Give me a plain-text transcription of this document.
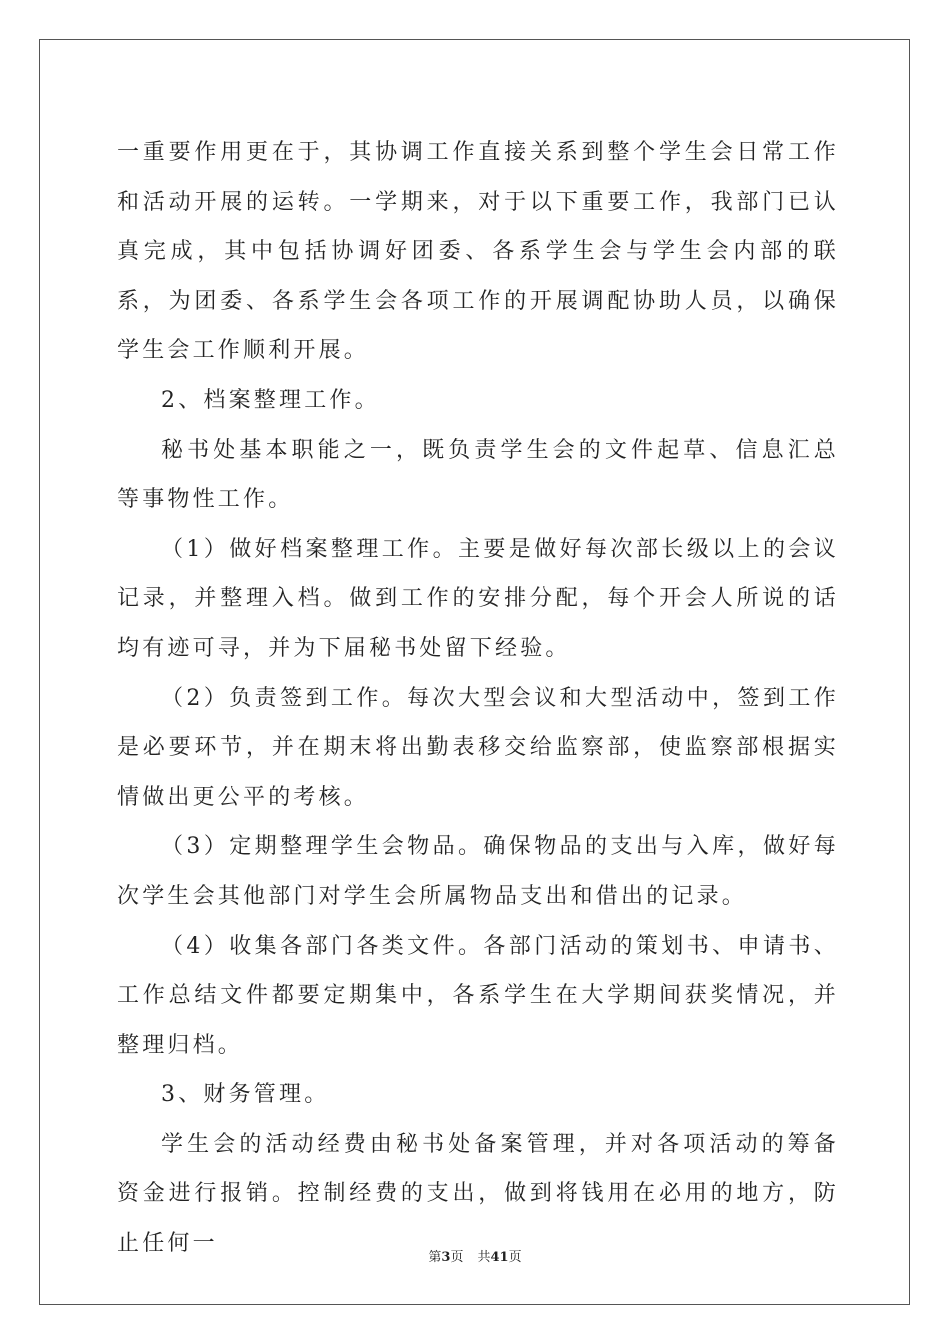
一重要作用更在于，其协调工作直接关系到整个学生会日常工作和活动开展的运转。一学期来，对于以下重要工作，我部门已认真完成，其中包括协调好团委、各系学生会与学生会内部的联系，为团委、各系学生会各项工作的开展调配协助人员，以确保学生会工作顺利开展。

2、档案整理工作。

秘书处基本职能之一，既负责学生会的文件起草、信息汇总等事物性工作。

（1）做好档案整理工作。主要是做好每次部长级以上的会议记录，并整理入档。做到工作的安排分配，每个开会人所说的话均有迹可寻，并为下届秘书处留下经验。

（2）负责签到工作。每次大型会议和大型活动中，签到工作是必要环节，并在期末将出勤表移交给监察部，使监察部根据实情做出更公平的考核。

（3）定期整理学生会物品。确保物品的支出与入库，做好每次学生会其他部门对学生会所属物品支出和借出的记录。

（4）收集各部门各类文件。各部门活动的策划书、申请书、工作总结文件都要定期集中，各系学生在大学期间获奖情况，并整理归档。

3、财务管理。

学生会的活动经费由秘书处备案管理，并对各项活动的筹备资金进行报销。控制经费的支出，做到将钱用在必用的地方，防止任何一

第3页 共41页
